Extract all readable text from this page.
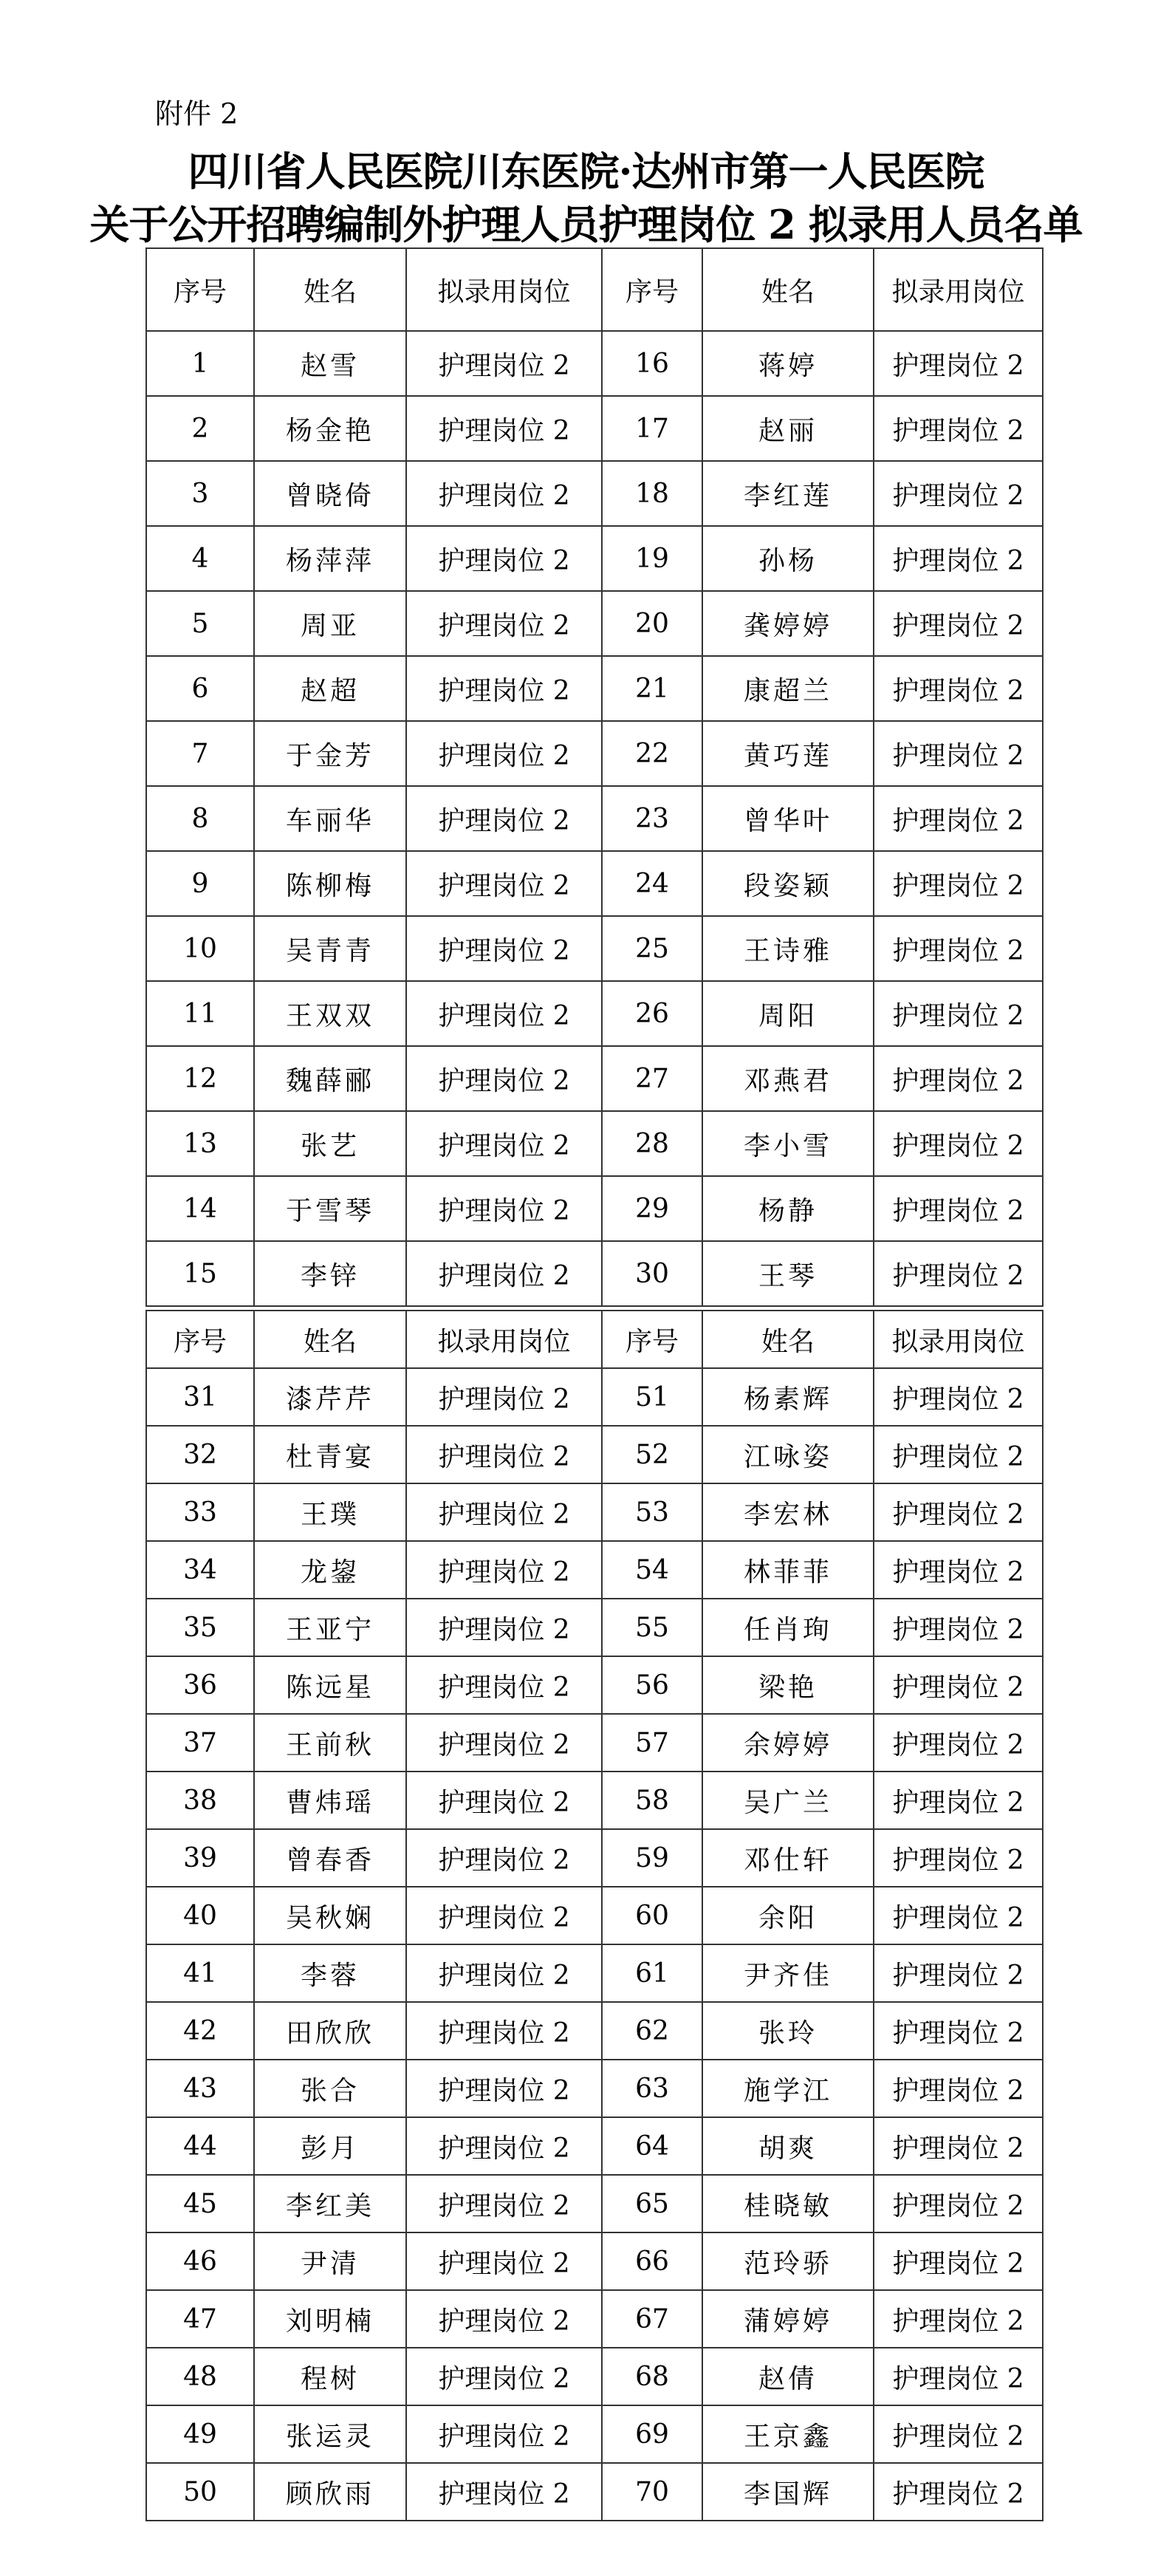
附件 2
四川省人民医院川东医院·达州市第一人民医院
关于公开招聘编制外护理人员护理岗位 2 拟录用人员名单
序号	姓名	拟录用岗位	序号	姓名	拟录用岗位
1	赵雪	护理岗位 2	16	蒋婷	护理岗位 2
2	杨金艳	护理岗位 2	17	赵丽	护理岗位 2
3	曾晓倚	护理岗位 2	18	李红莲	护理岗位 2
4	杨萍萍	护理岗位 2	19	孙杨	护理岗位 2
5	周亚	护理岗位 2	20	龚婷婷	护理岗位 2
6	赵超	护理岗位 2	21	康超兰	护理岗位 2
7	于金芳	护理岗位 2	22	黄巧莲	护理岗位 2
8	车丽华	护理岗位 2	23	曾华叶	护理岗位 2
9	陈柳梅	护理岗位 2	24	段姿颖	护理岗位 2
10	吴青青	护理岗位 2	25	王诗雅	护理岗位 2
11	王双双	护理岗位 2	26	周阳	护理岗位 2
12	魏薛郦	护理岗位 2	27	邓燕君	护理岗位 2
13	张艺	护理岗位 2	28	李小雪	护理岗位 2
14	于雪琴	护理岗位 2	29	杨静	护理岗位 2
15	李锌	护理岗位 2	30	王琴	护理岗位 2
序号	姓名	拟录用岗位	序号	姓名	拟录用岗位
31	漆芹芹	护理岗位 2	51	杨素辉	护理岗位 2
32	杜青宴	护理岗位 2	52	江咏姿	护理岗位 2
33	王璞	护理岗位 2	53	李宏林	护理岗位 2
34	龙鋆	护理岗位 2	54	林菲菲	护理岗位 2
35	王亚宁	护理岗位 2	55	任肖珣	护理岗位 2
36	陈远星	护理岗位 2	56	梁艳	护理岗位 2
37	王前秋	护理岗位 2	57	余婷婷	护理岗位 2
38	曹炜瑶	护理岗位 2	58	吴广兰	护理岗位 2
39	曾春香	护理岗位 2	59	邓仕轩	护理岗位 2
40	吴秋娴	护理岗位 2	60	余阳	护理岗位 2
41	李蓉	护理岗位 2	61	尹齐佳	护理岗位 2
42	田欣欣	护理岗位 2	62	张玲	护理岗位 2
43	张合	护理岗位 2	63	施学江	护理岗位 2
44	彭月	护理岗位 2	64	胡爽	护理岗位 2
45	李红美	护理岗位 2	65	桂晓敏	护理岗位 2
46	尹清	护理岗位 2	66	范玲骄	护理岗位 2
47	刘明楠	护理岗位 2	67	蒲婷婷	护理岗位 2
48	程树	护理岗位 2	68	赵倩	护理岗位 2
49	张运灵	护理岗位 2	69	王京鑫	护理岗位 2
50	顾欣雨	护理岗位 2	70	李国辉	护理岗位 2
